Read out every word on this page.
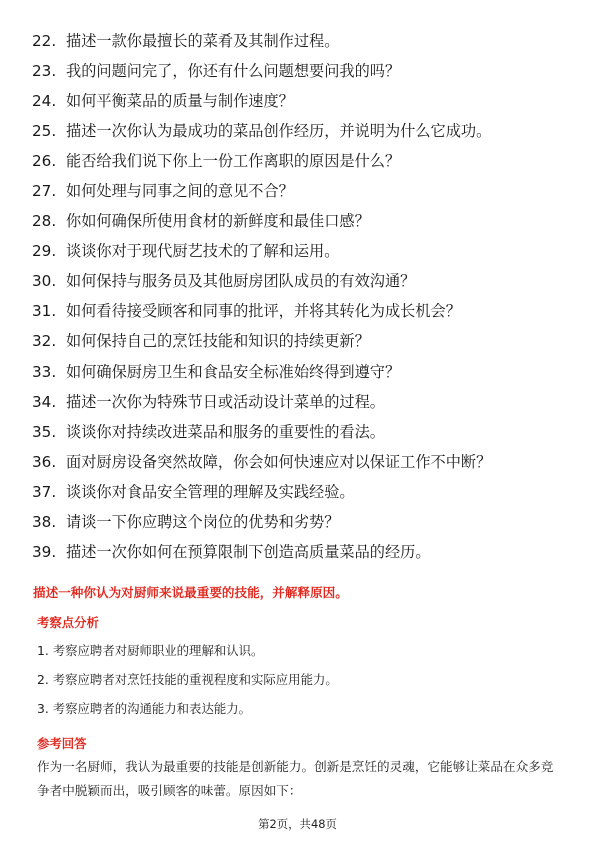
22. 描述一款你最擅长的菜肴及其制作过程。
23. 我的问题问完了，你还有什么问题想要问我的吗？
24. 如何平衡菜品的质量与制作速度？
25. 描述一次你认为最成功的菜品创作经历，并说明为什么它成功。
26. 能否给我们说下你上一份工作离职的原因是什么？
27. 如何处理与同事之间的意见不合？
28. 你如何确保所使用食材的新鲜度和最佳口感？
29. 谈谈你对于现代厨艺技术的了解和运用。
30. 如何保持与服务员及其他厨房团队成员的有效沟通？
31. 如何看待接受顾客和同事的批评，并将其转化为成长机会？
32. 如何保持自己的烹饪技能和知识的持续更新？
33. 如何确保厨房卫生和食品安全标准始终得到遵守？
34. 描述一次你为特殊节日或活动设计菜单的过程。
35. 谈谈你对持续改进菜品和服务的重要性的看法。
36. 面对厨房设备突然故障，你会如何快速应对以保证工作不中断？
37. 谈谈你对食品安全管理的理解及实践经验。
38. 请谈一下你应聘这个岗位的优势和劣势？
39. 描述一次你如何在预算限制下创造高质量菜品的经历。
描述一种你认为对厨师来说最重要的技能，并解释原因。
考察点分析
1. 考察应聘者对厨师职业的理解和认识。
2. 考察应聘者对烹饪技能的重视程度和实际应用能力。
3. 考察应聘者的沟通能力和表达能力。
参考回答
作为一名厨师，我认为最重要的技能是创新能力。创新是烹饪的灵魂，它能够让菜品在众多竞争者中脱颖而出，吸引顾客的味蕾。原因如下：
第2页，共48页
